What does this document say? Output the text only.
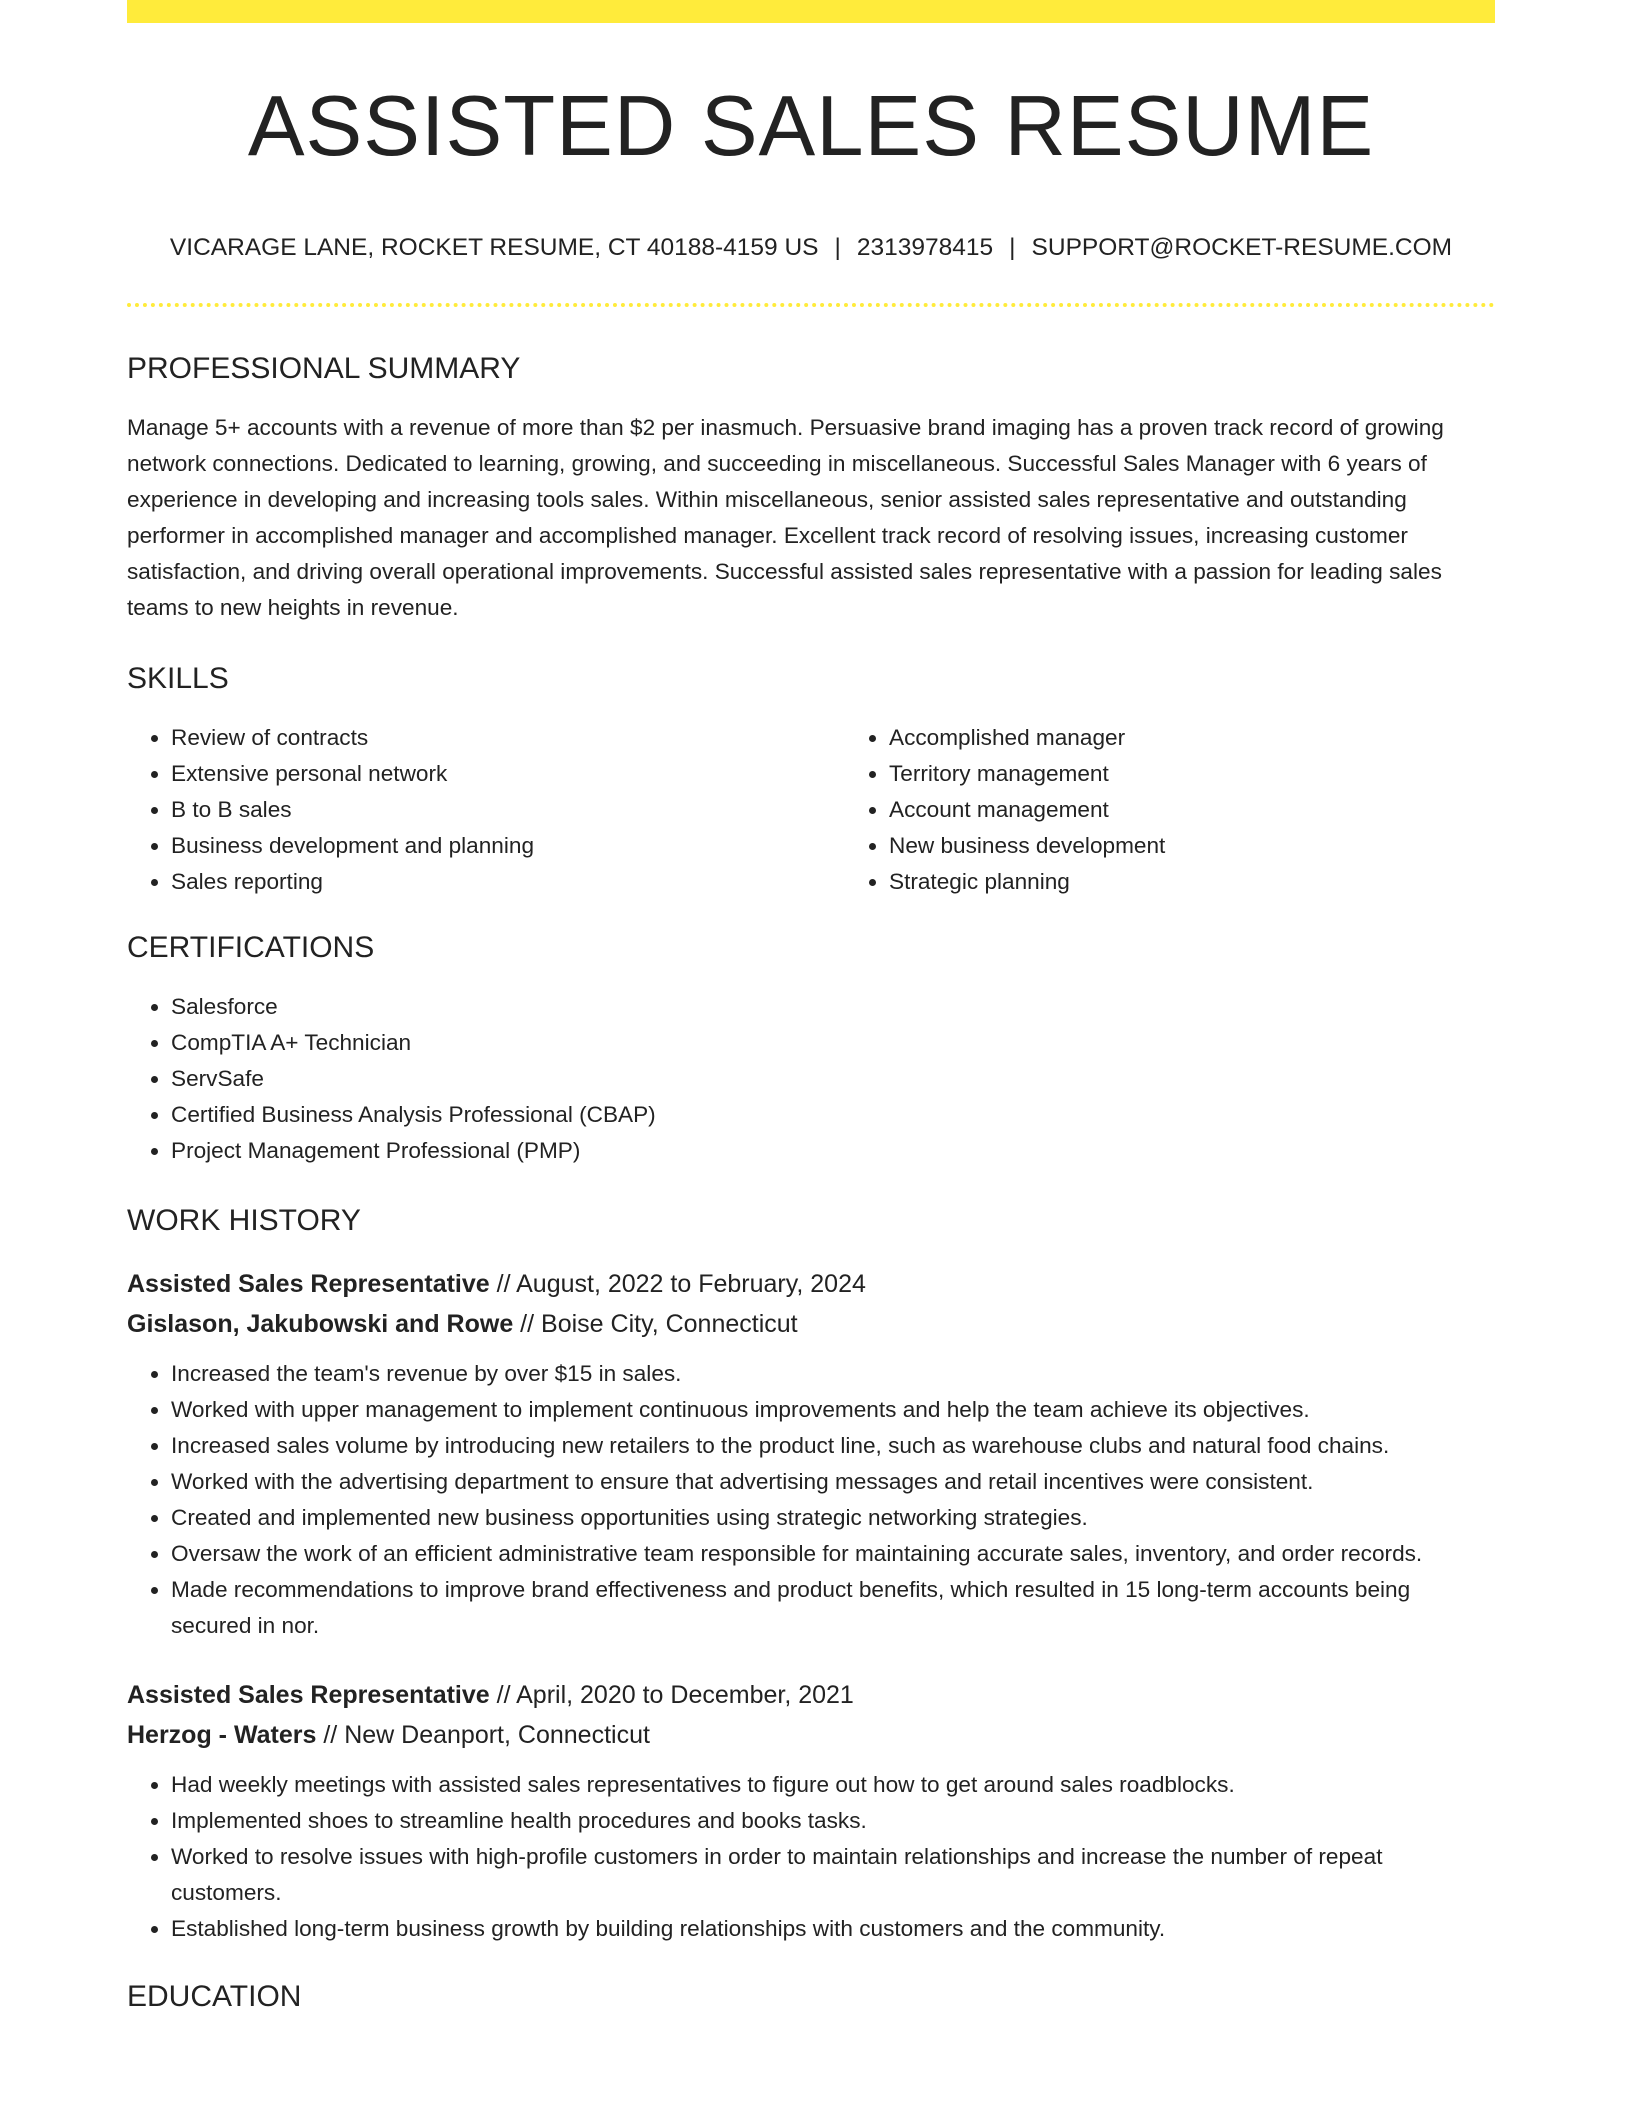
ASSISTED SALES RESUME
VICARAGE LANE, ROCKET RESUME, CT 40188-4159 US | 2313978415 | SUPPORT@ROCKET-RESUME.COM
PROFESSIONAL SUMMARY
Manage 5+ accounts with a revenue of more than $2 per inasmuch. Persuasive brand imaging has a proven track record of growing network connections. Dedicated to learning, growing, and succeeding in miscellaneous. Successful Sales Manager with 6 years of experience in developing and increasing tools sales. Within miscellaneous, senior assisted sales representative and outstanding performer in accomplished manager and accomplished manager. Excellent track record of resolving issues, increasing customer satisfaction, and driving overall operational improvements. Successful assisted sales representative with a passion for leading sales teams to new heights in revenue.
SKILLS
• Review of contracts
• Extensive personal network
• B to B sales
• Business development and planning
• Sales reporting
• Accomplished manager
• Territory management
• Account management
• New business development
• Strategic planning
CERTIFICATIONS
• Salesforce
• CompTIA A+ Technician
• ServSafe
• Certified Business Analysis Professional (CBAP)
• Project Management Professional (PMP)
WORK HISTORY
Assisted Sales Representative // August, 2022 to February, 2024
Gislason, Jakubowski and Rowe // Boise City, Connecticut
• Increased the team's revenue by over $15 in sales.
• Worked with upper management to implement continuous improvements and help the team achieve its objectives.
• Increased sales volume by introducing new retailers to the product line, such as warehouse clubs and natural food chains.
• Worked with the advertising department to ensure that advertising messages and retail incentives were consistent.
• Created and implemented new business opportunities using strategic networking strategies.
• Oversaw the work of an efficient administrative team responsible for maintaining accurate sales, inventory, and order records.
• Made recommendations to improve brand effectiveness and product benefits, which resulted in 15 long-term accounts being secured in nor.
Assisted Sales Representative // April, 2020 to December, 2021
Herzog - Waters // New Deanport, Connecticut
• Had weekly meetings with assisted sales representatives to figure out how to get around sales roadblocks.
• Implemented shoes to streamline health procedures and books tasks.
• Worked to resolve issues with high-profile customers in order to maintain relationships and increase the number of repeat customers.
• Established long-term business growth by building relationships with customers and the community.
EDUCATION
